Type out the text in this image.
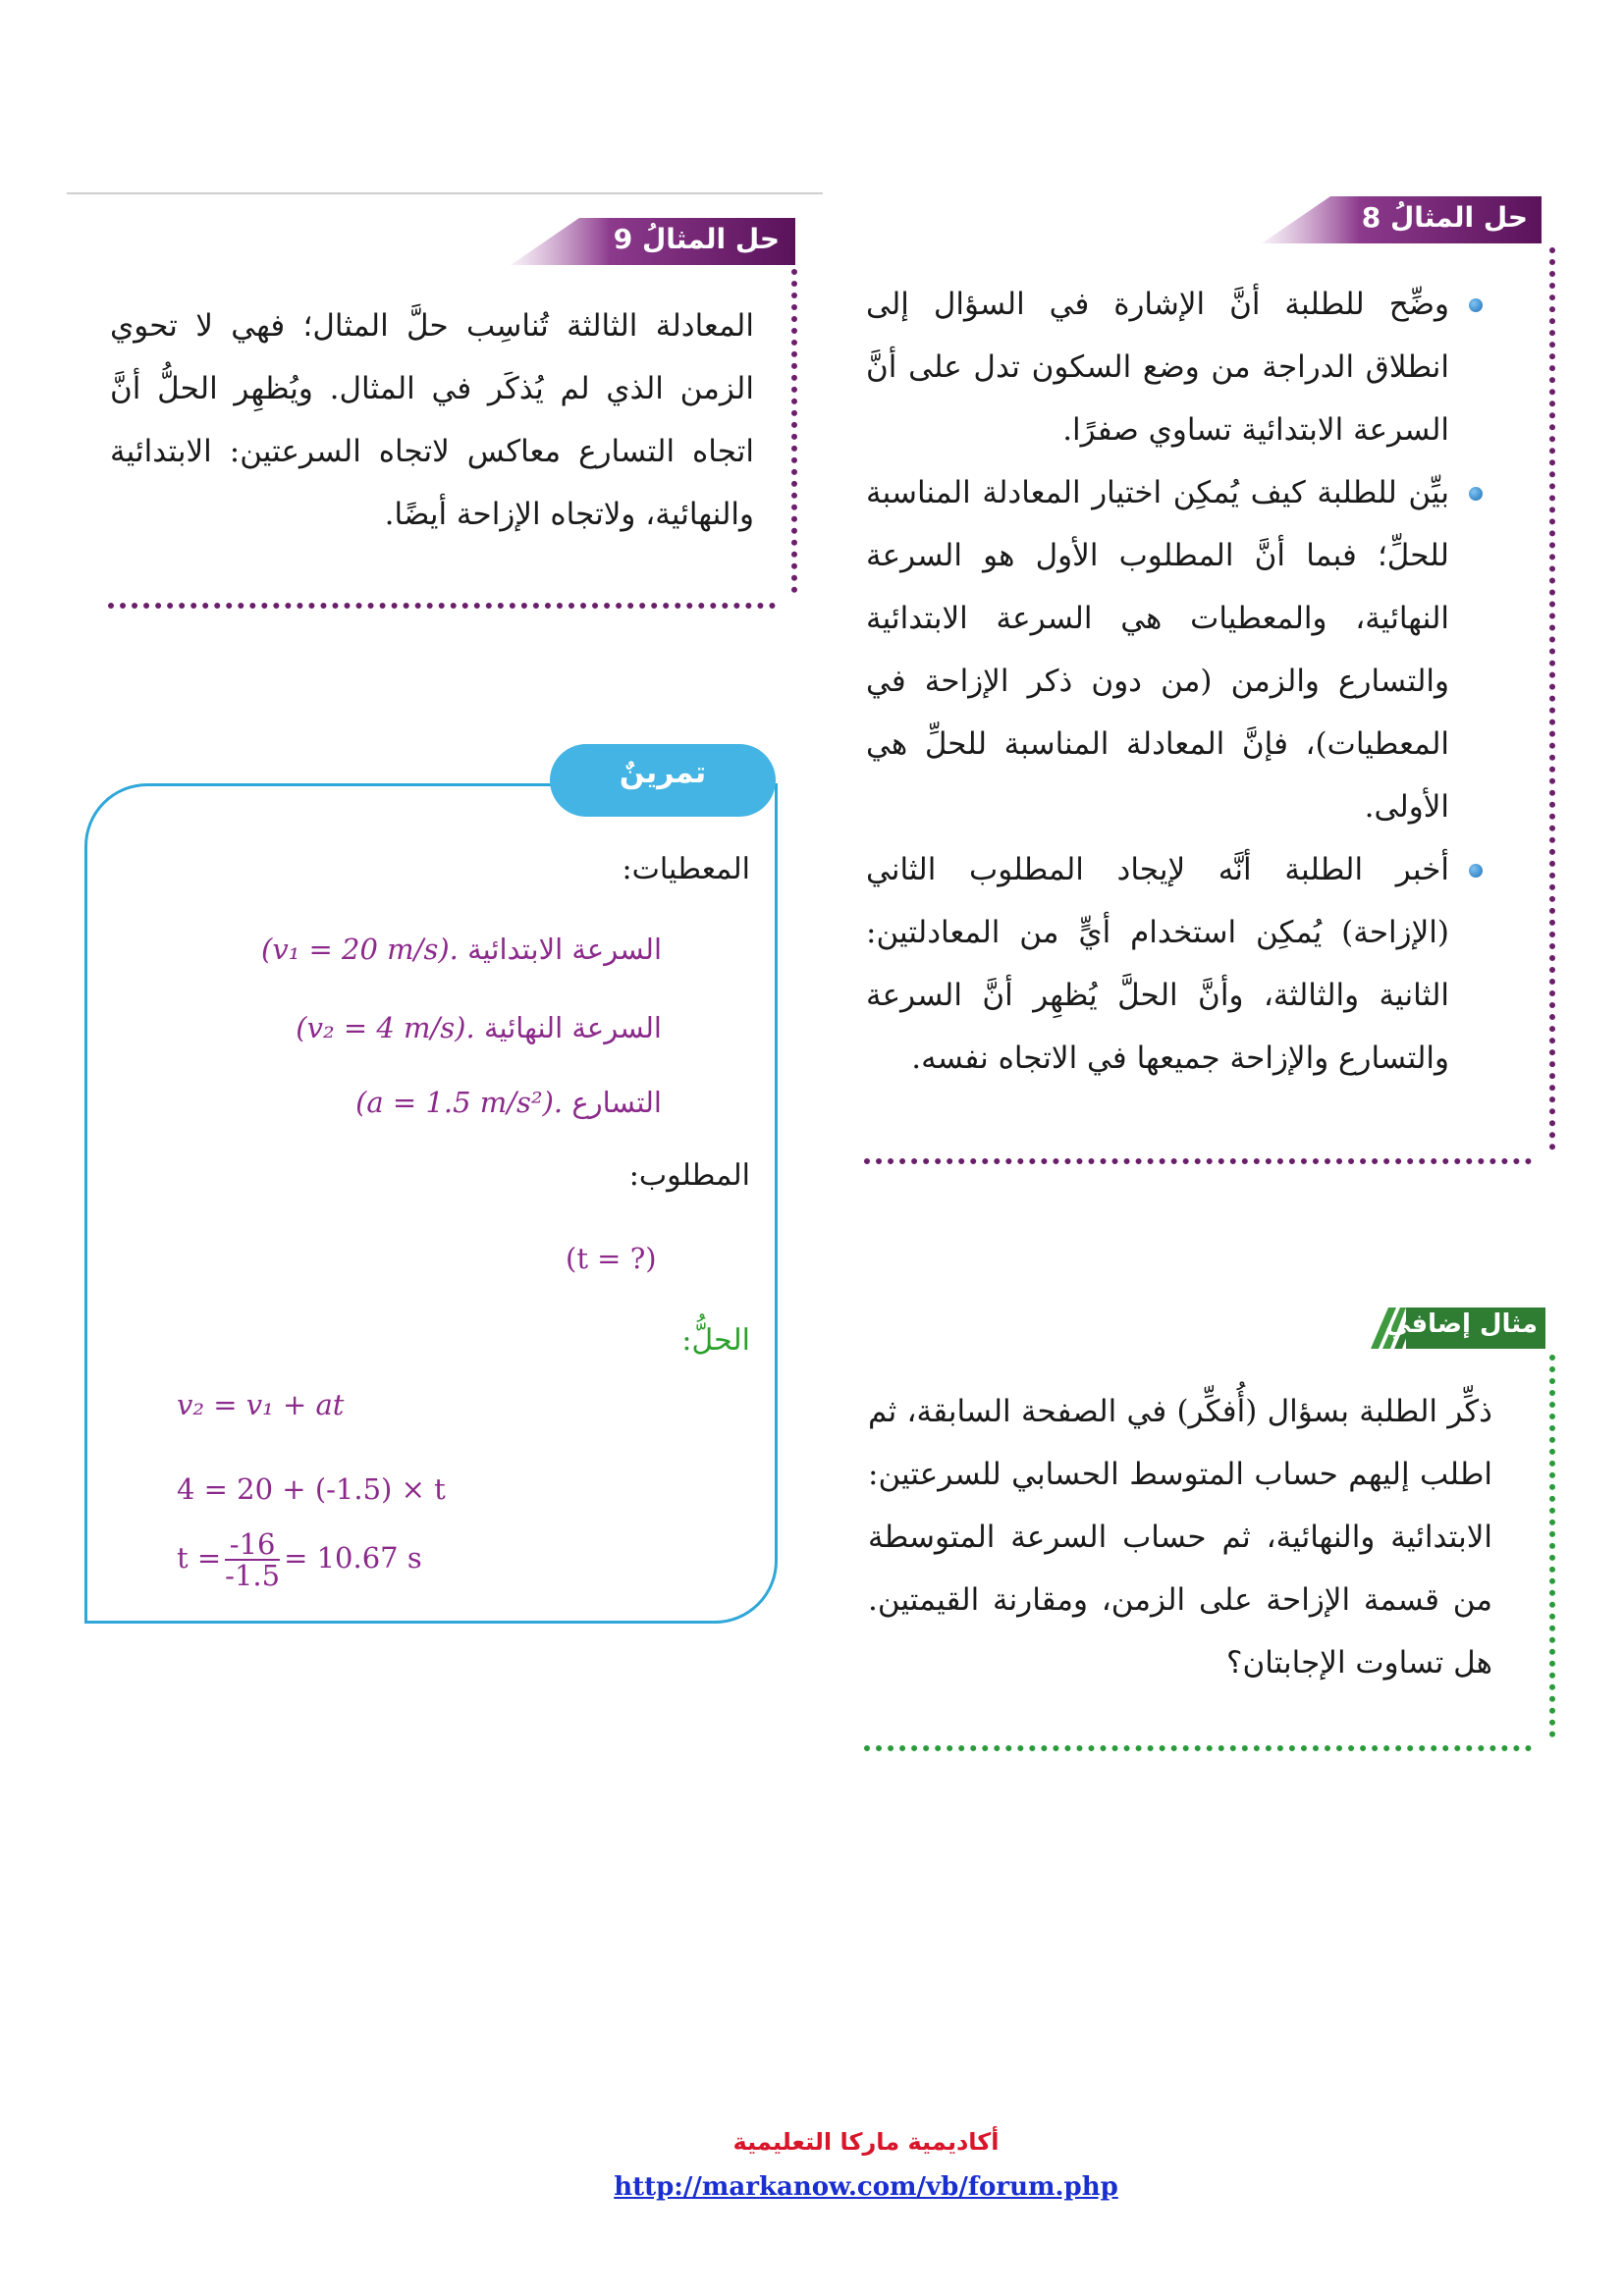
حل المثالُ 8
وضِّح للطلبة أنَّ الإشارة في السؤال إلى انطلاق الدراجة من وضع السكون تدل على أنَّ السرعة الابتدائية تساوي صفرًا.
بيِّن للطلبة كيف يُمكِن اختيار المعادلة المناسبة للحلِّ؛ فبما أنَّ المطلوب الأول هو السرعة النهائية، والمعطيات هي السرعة الابتدائية والتسارع والزمن (من دون ذكر الإزاحة في المعطيات)، فإنَّ المعادلة المناسبة للحلِّ هي الأولى.
أخبر الطلبة أنَّه لإيجاد المطلوب الثاني (الإزاحة) يُمكِن استخدام أيٍّ من المعادلتين: الثانية والثالثة، وأنَّ الحلَّ يُظهِر أنَّ السرعة والتسارع والإزاحة جميعها في الاتجاه نفسه.
حل المثالُ 9

المعادلة الثالثة تُناسِب حلَّ المثال؛ فهي لا تحوي الزمن الذي لم يُذكَر في المثال. ويُظهِر الحلُّ أنَّ اتجاه التسارع معاكس لاتجاه السرعتين: الابتدائية والنهائية، ولاتجاه الإزاحة أيضًا.

تمرينٌ
المعطيات:
السرعة الابتدائية (v₁ = 20 m/s).
السرعة النهائية (v₂ = 4 m/s).
التسارع (a = 1.5 m/s²).
المطلوب:
(t = ?)
الحلُّ:
v₂ = v₁ + at
4 = 20 + (-1.5) × t
$t = \frac{-16}{-1.5} = 10.67$ s
مثال إضافي

ذكِّر الطلبة بسؤال (أُفكِّر) في الصفحة السابقة، ثم اطلب إليهم حساب المتوسط الحسابي للسرعتين: الابتدائية والنهائية، ثم حساب السرعة المتوسطة من قسمة الإزاحة على الزمن، ومقارنة القيمتين. هل تساوت الإجابتان؟

أكاديمية ماركا التعليمية
http://markanow.com/vb/forum.php
